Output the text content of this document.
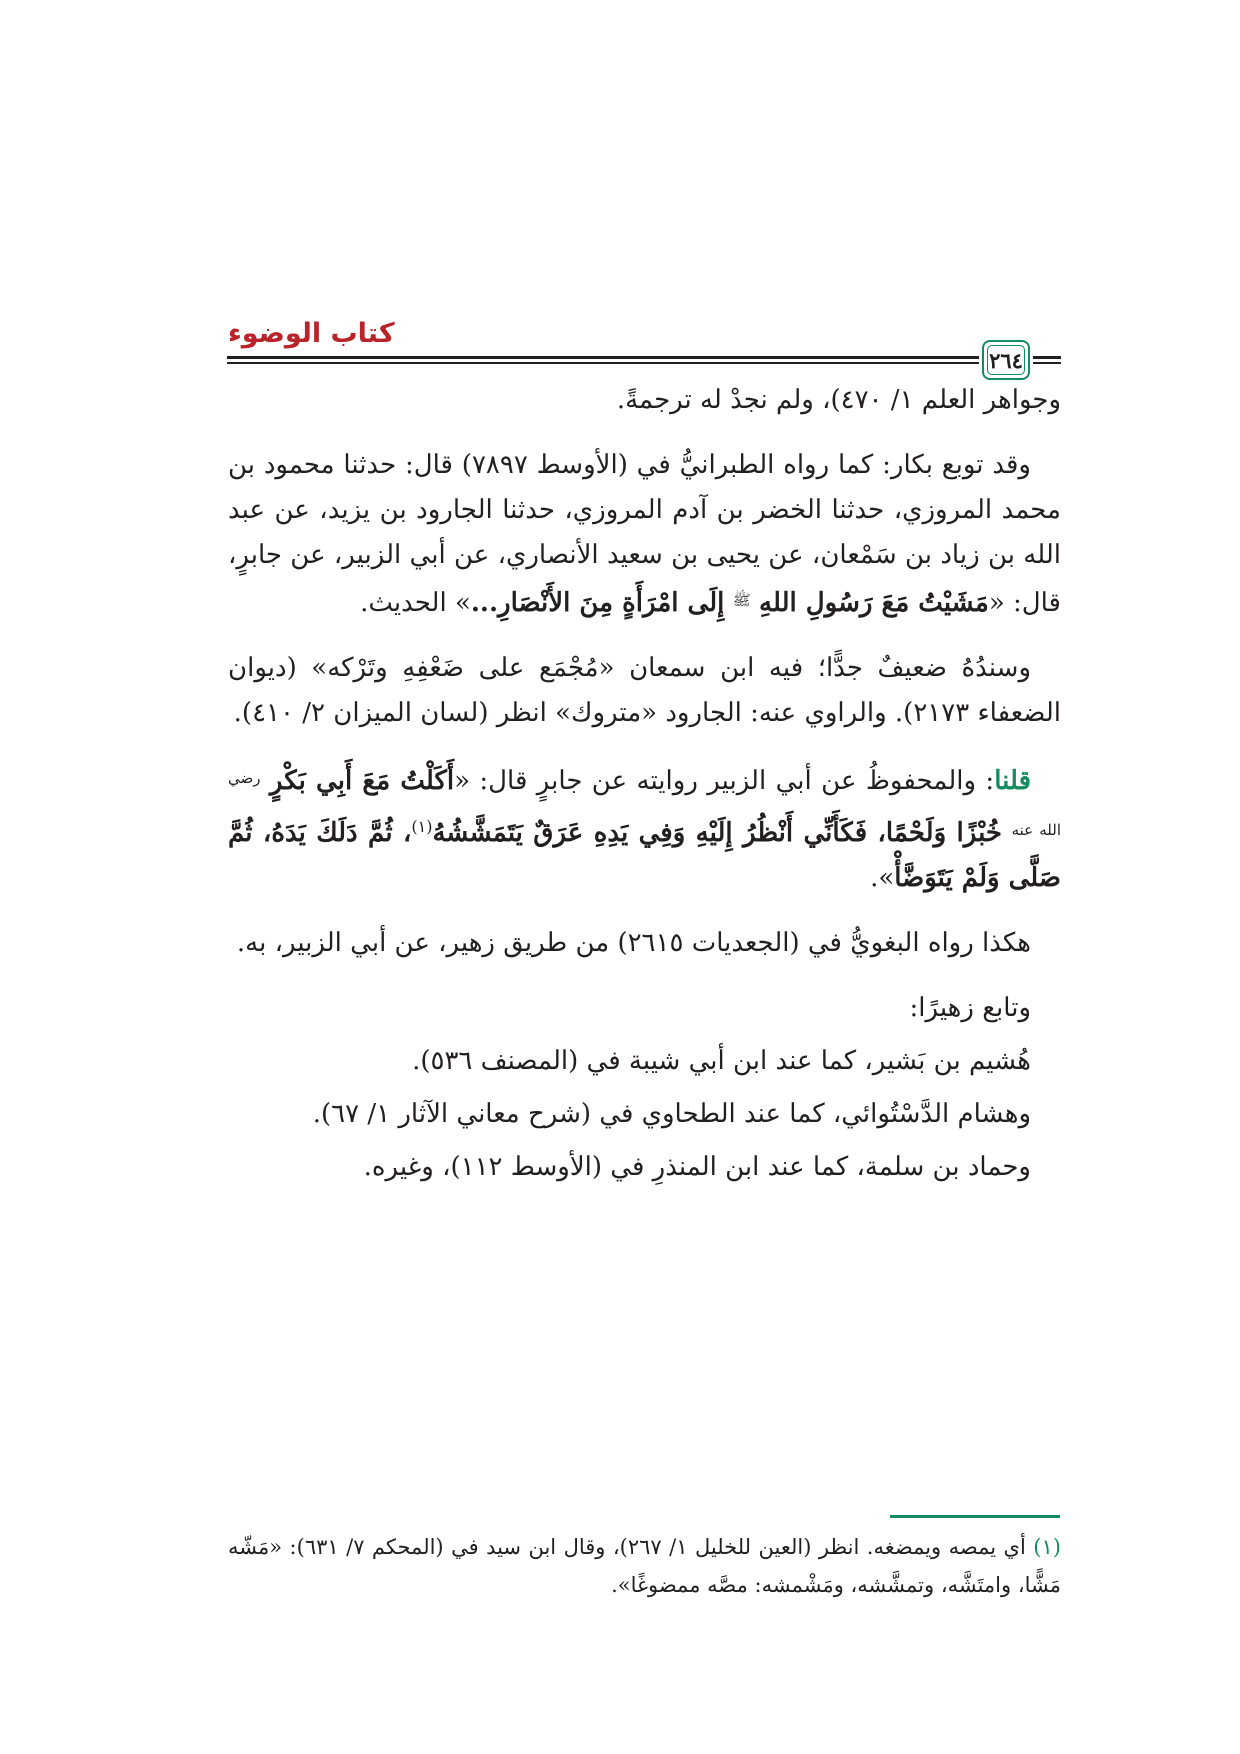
كتاب الوضوء
٢٦٤

وجواهر العلم ١/ ٤٧٠)، ولم نجدْ له ترجمةً.

وقد توبع بكار: كما رواه الطبرانيُّ في (الأوسط ٧٨٩٧) قال: حدثنا محمود بن محمد المروزي، حدثنا الخضر بن آدم المروزي، حدثنا الجارود بن يزيد، عن عبد الله بن زياد بن سَمْعان، عن يحيى بن سعيد الأنصاري، عن أبي الزبير، عن جابرٍ، قال: «مَشَيْتُ مَعَ رَسُولِ اللهِ $^ﷺ$ إِلَى امْرَأَةٍ مِنَ الأَنْصَارِ...» الحديث.

وسندُهُ ضعيفٌ جدًّا؛ فيه ابن سمعان «مُجْمَع على ضَعْفِهِ وتَرْكه» (ديوان الضعفاء ٢١٧٣). والراوي عنه: الجارود «متروك» انظر (لسان الميزان ٢/ ٤١٠).

قلنا: والمحفوظُ عن أبي الزبير روايته عن جابرٍ قال: «أَكَلْتُ مَعَ أَبِي بَكْرٍ $^{رضي الله عنه}$ خُبْزًا وَلَحْمًا، فَكَأَنِّي أَنْظُرُ إِلَيْهِ وَفِي يَدِهِ عَرَقٌ يَتَمَشَّشُهُ$^{(١)}$، ثُمَّ دَلَكَ يَدَهُ، ثُمَّ صَلَّى وَلَمْ يَتَوَضَّأْ».

هكذا رواه البغويُّ في (الجعديات ٢٦١٥) من طريق زهير، عن أبي الزبير، به.

وتابع زهيرًا:

هُشيم بن بَشير، كما عند ابن أبي شيبة في (المصنف ٥٣٦).

وهشام الدَّسْتُوائي، كما عند الطحاوي في (شرح معاني الآثار ١/ ٦٧).

وحماد بن سلمة، كما عند ابن المنذرِ في (الأوسط ١١٢)، وغيره.

(١) أي يمصه ويمضغه. انظر (العين للخليل ١/ ٢٦٧)، وقال ابن سيد في (المحكم ٧/ ٦٣١): «مَشّه مَشًّا، وامتَشَّه، وتمشَّشه، ومَشْمشه: مصَّه ممضوغًا».
